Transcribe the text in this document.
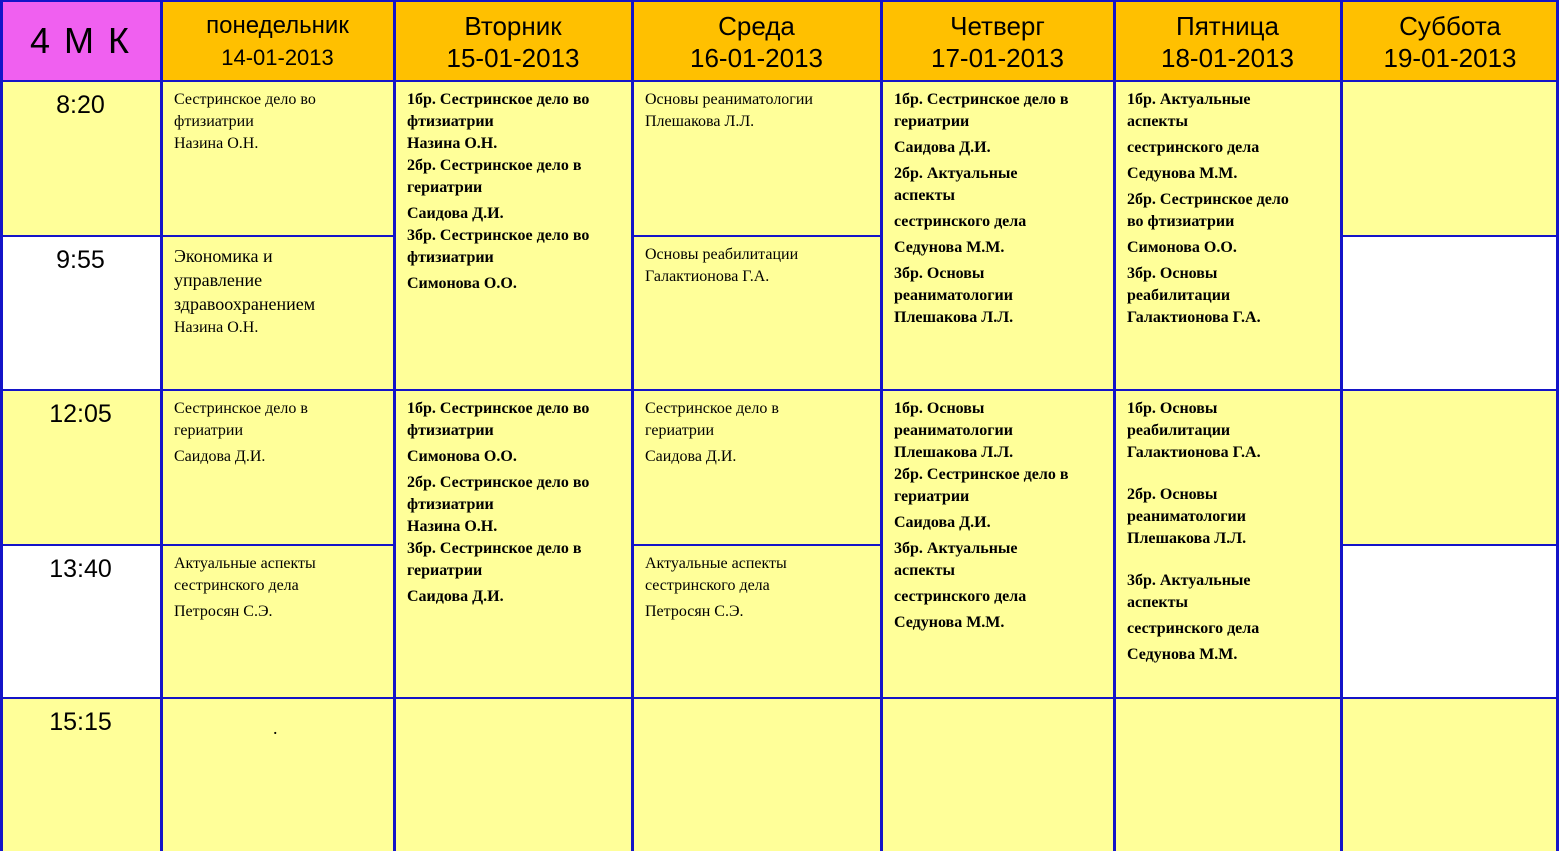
4 М К	понедельник
14-01-2013
Вторник
15-01-2013
Среда
16-01-2013
Четверг
17-01-2013
Пятница
18-01-2013
Суббота
19-01-2013
8:20
9:55
12:05
13:40
15:15
Сестринское дело во
фтизиатрии
Назина О.Н.
Экономика и
управление
здравоохранением
Назина О.Н.
Сестринское дело в
гериатрии
Саидова Д.И.
Актуальные аспекты
сестринского дела
Петросян С.Э.
.
1бр. Сестринское дело во
фтизиатрии
Назина О.Н.
2бр. Сестринское дело в
гериатрии
Саидова Д.И.
3бр. Сестринское дело во
фтизиатрии
Симонова О.О.
1бр. Сестринское дело во
фтизиатрии
Симонова О.О.
2бр. Сестринское дело во
фтизиатрии
Назина О.Н.
3бр. Сестринское дело в
гериатрии
Саидова Д.И.
Основы реаниматологии
Плешакова Л.Л.
Основы реабилитации
Галактионова Г.А.
Сестринское дело в
гериатрии
Саидова Д.И.
Актуальные аспекты
сестринского дела
Петросян С.Э.
1бр. Сестринское дело в
гериатрии
Саидова Д.И.
2бр. Актуальные
аспекты
сестринского дела
Седунова М.М.
3бр. Основы
реаниматологии
Плешакова Л.Л.
1бр. Основы
реаниматологии
Плешакова Л.Л.
2бр. Сестринское дело в
гериатрии
Саидова Д.И.
3бр. Актуальные
аспекты
сестринского дела
Седунова М.М.
1бр. Актуальные
аспекты
сестринского дела
Седунова М.М.
2бр. Сестринское дело
во фтизиатрии
Симонова О.О.
3бр. Основы
реабилитации
Галактионова Г.А.
1бр. Основы
реабилитации
Галактионова Г.А.
2бр. Основы
реаниматологии
Плешакова Л.Л.
3бр. Актуальные
аспекты
сестринского дела
Седунова М.М.
